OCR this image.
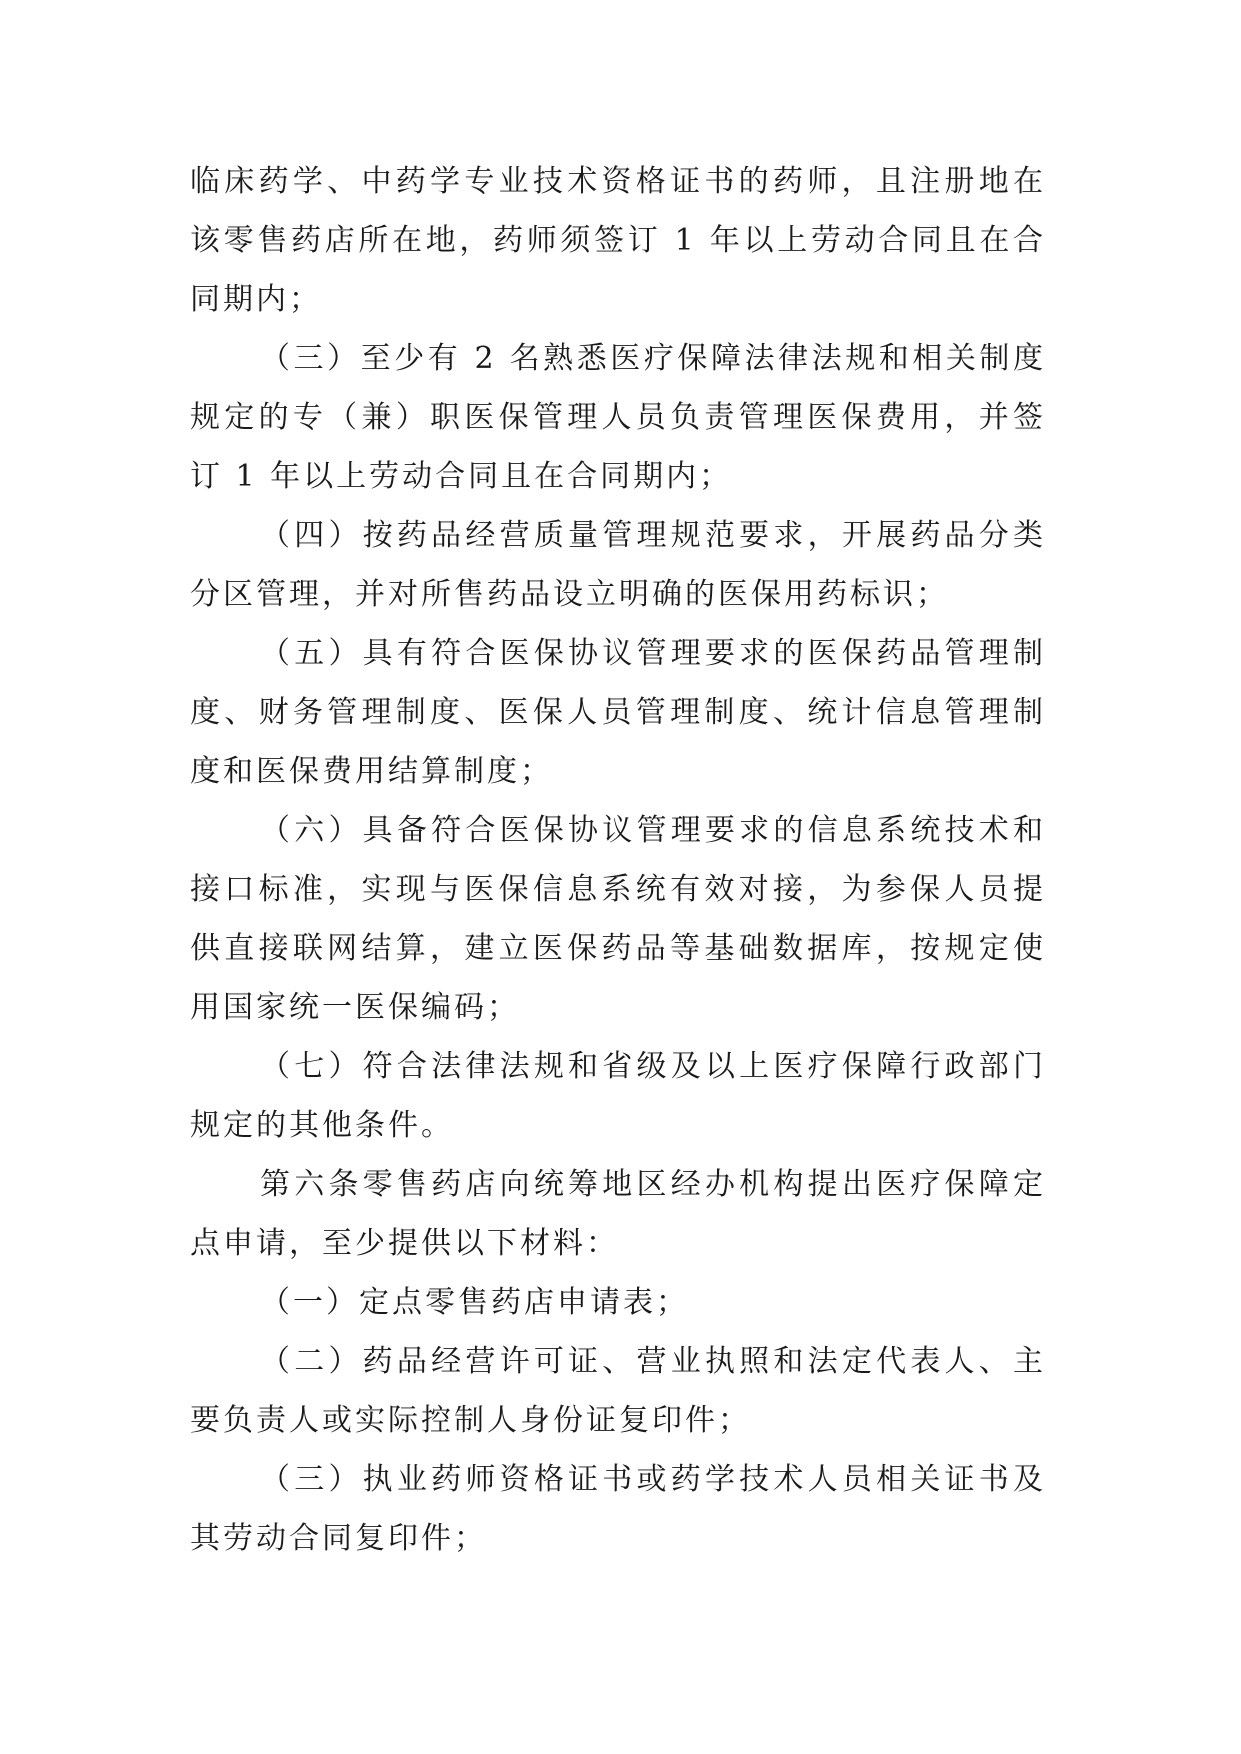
临床药学、中药学专业技术资格证书的药师，且注册地在该零售药店所在地，药师须签订 1 年以上劳动合同且在合同期内；

（三）至少有 2 名熟悉医疗保障法律法规和相关制度规定的专（兼）职医保管理人员负责管理医保费用，并签订 1 年以上劳动合同且在合同期内；

（四）按药品经营质量管理规范要求，开展药品分类分区管理，并对所售药品设立明确的医保用药标识；

（五）具有符合医保协议管理要求的医保药品管理制度、财务管理制度、医保人员管理制度、统计信息管理制度和医保费用结算制度；

（六）具备符合医保协议管理要求的信息系统技术和接口标准，实现与医保信息系统有效对接，为参保人员提供直接联网结算，建立医保药品等基础数据库，按规定使用国家统一医保编码；

（七）符合法律法规和省级及以上医疗保障行政部门规定的其他条件。

第六条零售药店向统筹地区经办机构提出医疗保障定点申请，至少提供以下材料：

（一）定点零售药店申请表；

（二）药品经营许可证、营业执照和法定代表人、主要负责人或实际控制人身份证复印件；

（三）执业药师资格证书或药学技术人员相关证书及其劳动合同复印件；
